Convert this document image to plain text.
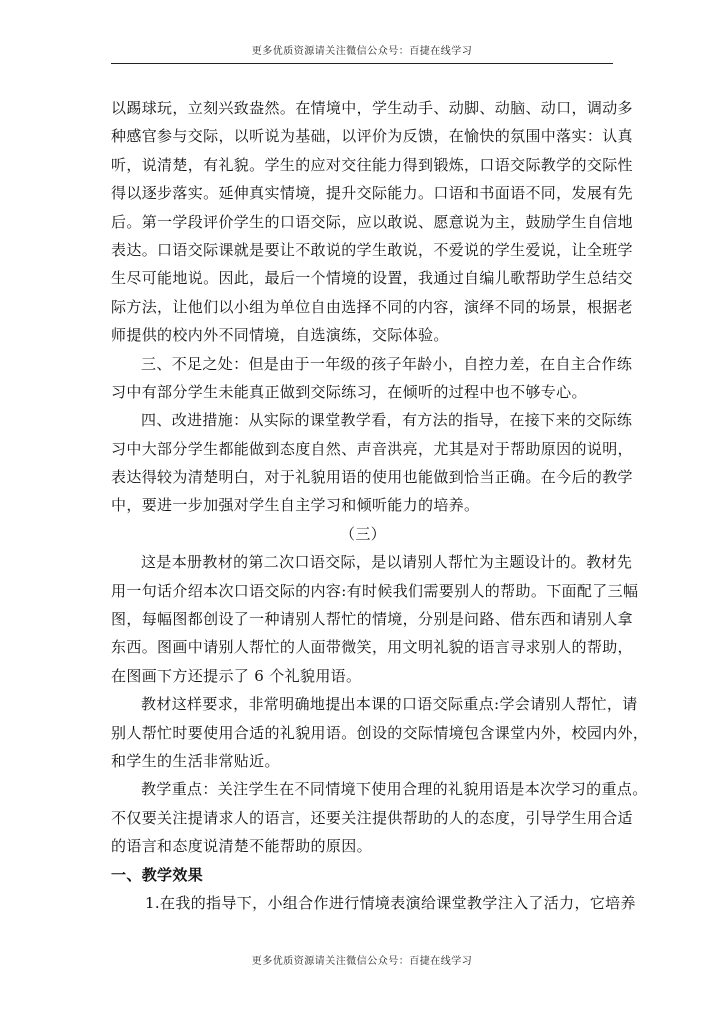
更多优质资源请关注微信公众号：百捷在线学习
以踢球玩，立刻兴致盎然。在情境中，学生动手、动脚、动脑、动口，调动多
种感官参与交际，以听说为基础，以评价为反馈，在愉快的氛围中落实：认真
听，说清楚，有礼貌。学生的应对交往能力得到锻炼，口语交际教学的交际性
得以逐步落实。延伸真实情境，提升交际能力。口语和书面语不同，发展有先
后。第一学段评价学生的口语交际，应以敢说、愿意说为主，鼓励学生自信地
表达。口语交际课就是要让不敢说的学生敢说，不爱说的学生爱说，让全班学
生尽可能地说。因此，最后一个情境的设置，我通过自编儿歌帮助学生总结交
际方法，让他们以小组为单位自由选择不同的内容，演绎不同的场景，根据老
师提供的校内外不同情境，自选演练，交际体验。
三、不足之处：但是由于一年级的孩子年龄小，自控力差，在自主合作练
习中有部分学生未能真正做到交际练习，在倾听的过程中也不够专心。
四、改进措施：从实际的课堂教学看，有方法的指导，在接下来的交际练
习中大部分学生都能做到态度自然、声音洪亮，尤其是对于帮助原因的说明，
表达得较为清楚明白，对于礼貌用语的使用也能做到恰当正确。在今后的教学
中，要进一步加强对学生自主学习和倾听能力的培养。
（三）
这是本册教材的第二次口语交际，是以请别人帮忙为主题设计的。教材先
用一句话介绍本次口语交际的内容:有时候我们需要别人的帮助。下面配了三幅
图，每幅图都创设了一种请别人帮忙的情境，分别是问路、借东西和请别人拿
东西。图画中请别人帮忙的人面带微笑，用文明礼貌的语言寻求别人的帮助，
在图画下方还提示了 6 个礼貌用语。
教材这样要求，非常明确地提出本课的口语交际重点:学会请别人帮忙，请
别人帮忙时要使用合适的礼貌用语。创设的交际情境包含课堂内外，校园内外，
和学生的生活非常贴近。
教学重点：关注学生在不同情境下使用合理的礼貌用语是本次学习的重点。
不仅要关注提请求人的语言，还要关注提供帮助的人的态度，引导学生用合适
的语言和态度说清楚不能帮助的原因。
一、教学效果
1.在我的指导下，小组合作进行情境表演给课堂教学注入了活力，它培养
更多优质资源请关注微信公众号：百捷在线学习
